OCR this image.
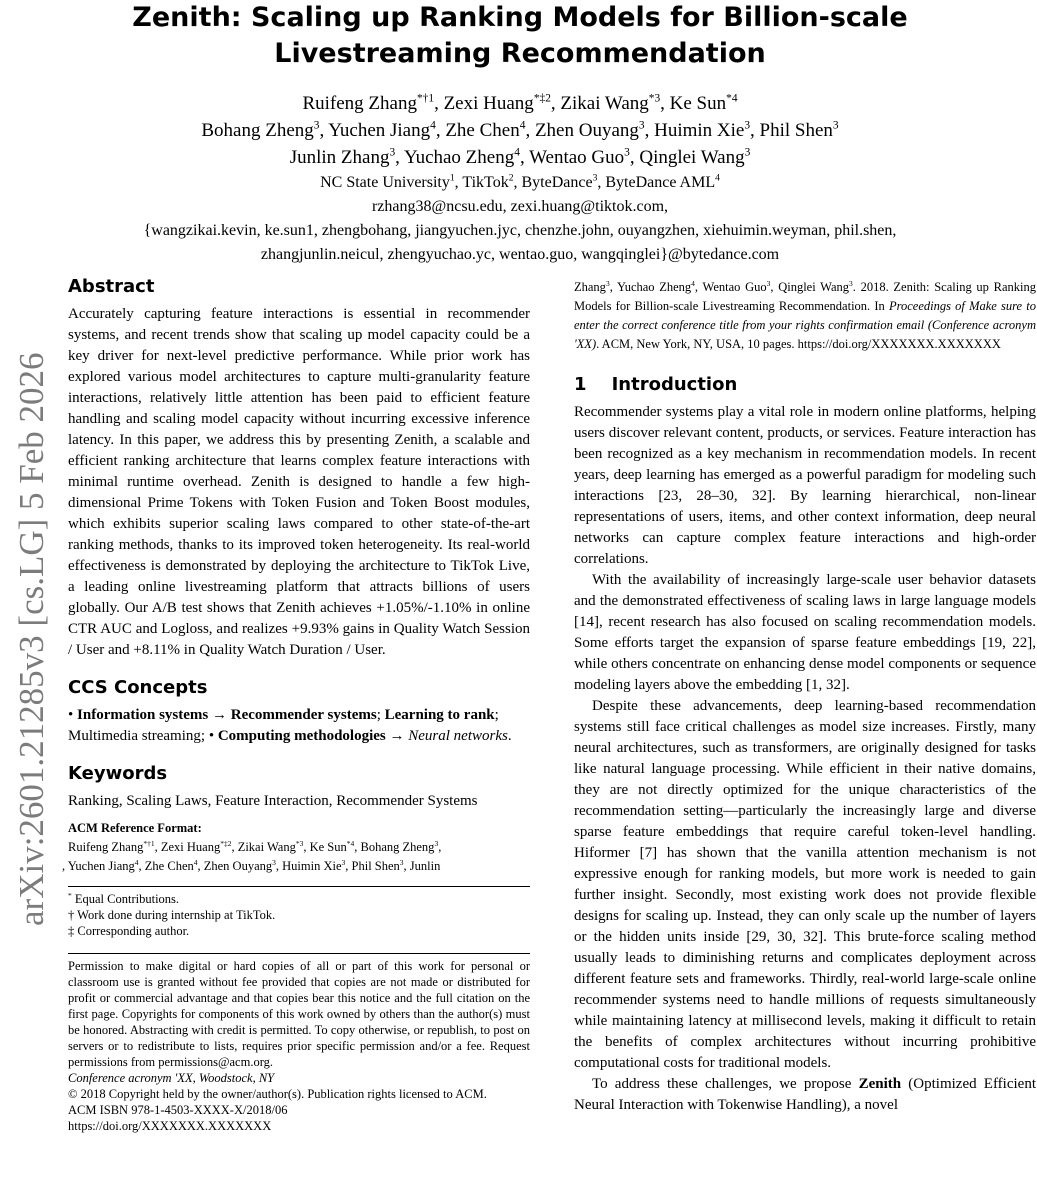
arXiv:2601.21285v3 [cs.LG] 5 Feb 2026
Zenith: Scaling up Ranking Models for Billion-scale
Livestreaming Recommendation
Ruifeng Zhang$^{*\dagger 1}$, Zexi Huang$^{*\ddagger 2}$, Zikai Wang$^{*3}$, Ke Sun$^{*4}$
Bohang Zheng$^3$, Yuchen Jiang$^4$, Zhe Chen$^4$, Zhen Ouyang$^3$, Huimin Xie$^3$, Phil Shen$^3$
Junlin Zhang$^3$, Yuchao Zheng$^4$, Wentao Guo$^3$, Qinglei Wang$^3$
NC State University$^1$, TikTok$^2$, ByteDance$^3$, ByteDance AML$^4$
rzhang38@ncsu.edu, zexi.huang@tiktok.com,
{wangzikai.kevin, ke.sun1, zhengbohang, jiangyuchen.jyc, chenzhe.john, ouyangzhen, xiehuimin.weyman, phil.shen,
zhangjunlin.neicul, zhengyuchao.yc, wentao.guo, wangqinglei}@bytedance.com
Abstract

Accurately capturing feature interactions is essential in recommender systems, and recent trends show that scaling up model capacity could be a key driver for next-level predictive performance. While prior work has explored various model architectures to capture multi-granularity feature interactions, relatively little attention has been paid to efficient feature handling and scaling model capacity without incurring excessive inference latency. In this paper, we address this by presenting Zenith, a scalable and efficient ranking architecture that learns complex feature interactions with minimal runtime overhead. Zenith is designed to handle a few high-dimensional Prime Tokens with Token Fusion and Token Boost modules, which exhibits superior scaling laws compared to other state-of-the-art ranking methods, thanks to its improved token heterogeneity. Its real-world effectiveness is demonstrated by deploying the architecture to TikTok Live, a leading online livestreaming platform that attracts billions of users globally. Our A/B test shows that Zenith achieves +1.05%/-1.10% in online CTR AUC and Logloss, and realizes +9.93% gains in Quality Watch Session / User and +8.11% in Quality Watch Duration / User.

CCS Concepts

• Information systems → Recommender systems; Learning to rank; Multimedia streaming; • Computing methodologies → Neural networks.

Keywords

Ranking, Scaling Laws, Feature Interaction, Recommender Systems

ACM Reference Format:
Ruifeng Zhang$^{*\dagger 1}$, Zexi Huang$^{*\ddagger 2}$, Zikai Wang$^{*3}$, Ke Sun$^{*4}$, Bohang Zheng$^3$,
, Yuchen Jiang$^4$, Zhe Chen$^4$, Zhen Ouyang$^3$, Huimin Xie$^3$, Phil Shen$^3$, Junlin

* Equal Contributions.
† Work done during internship at TikTok.
‡ Corresponding author.

Permission to make digital or hard copies of all or part of this work for personal or classroom use is granted without fee provided that copies are not made or distributed for profit or commercial advantage and that copies bear this notice and the full citation on the first page. Copyrights for components of this work owned by others than the author(s) must be honored. Abstracting with credit is permitted. To copy otherwise, or republish, to post on servers or to redistribute to lists, requires prior specific permission and/or a fee. Request permissions from permissions@acm.org.

Conference acronym 'XX, Woodstock, NY

© 2018 Copyright held by the owner/author(s). Publication rights licensed to ACM.

ACM ISBN 978-1-4503-XXXX-X/2018/06

https://doi.org/XXXXXXX.XXXXXXX

Zhang$^3$, Yuchao Zheng$^4$, Wentao Guo$^3$, Qinglei Wang$^3$. 2018. Zenith: Scaling up Ranking Models for Billion-scale Livestreaming Recommendation. In Proceedings of Make sure to enter the correct conference title from your rights confirmation email (Conference acronym 'XX). ACM, New York, NY, USA, 10 pages. https://doi.org/XXXXXXX.XXXXXXX

1    Introduction

Recommender systems play a vital role in modern online platforms, helping users discover relevant content, products, or services. Feature interaction has been recognized as a key mechanism in recommendation models. In recent years, deep learning has emerged as a powerful paradigm for modeling such interactions [23, 28–30, 32]. By learning hierarchical, non-linear representations of users, items, and other context information, deep neural networks can capture complex feature interactions and high-order correlations.

With the availability of increasingly large-scale user behavior datasets and the demonstrated effectiveness of scaling laws in large language models [14], recent research has also focused on scaling recommendation models. Some efforts target the expansion of sparse feature embeddings [19, 22], while others concentrate on enhancing dense model components or sequence modeling layers above the embedding [1, 32].

Despite these advancements, deep learning-based recommendation systems still face critical challenges as model size increases. Firstly, many neural architectures, such as transformers, are originally designed for tasks like natural language processing. While efficient in their native domains, they are not directly optimized for the unique characteristics of the recommendation setting—particularly the increasingly large and diverse sparse feature embeddings that require careful token-level handling. Hiformer [7] has shown that the vanilla attention mechanism is not expressive enough for ranking models, but more work is needed to gain further insight. Secondly, most existing work does not provide flexible designs for scaling up. Instead, they can only scale up the number of layers or the hidden units inside [29, 30, 32]. This brute-force scaling method usually leads to diminishing returns and complicates deployment across different feature sets and frameworks. Thirdly, real-world large-scale online recommender systems need to handle millions of requests simultaneously while maintaining latency at millisecond levels, making it difficult to retain the benefits of complex architectures without incurring prohibitive computational costs for traditional models.

To address these challenges, we propose Zenith (Optimized Efficient Neural Interaction with Tokenwise Handling), a novel
